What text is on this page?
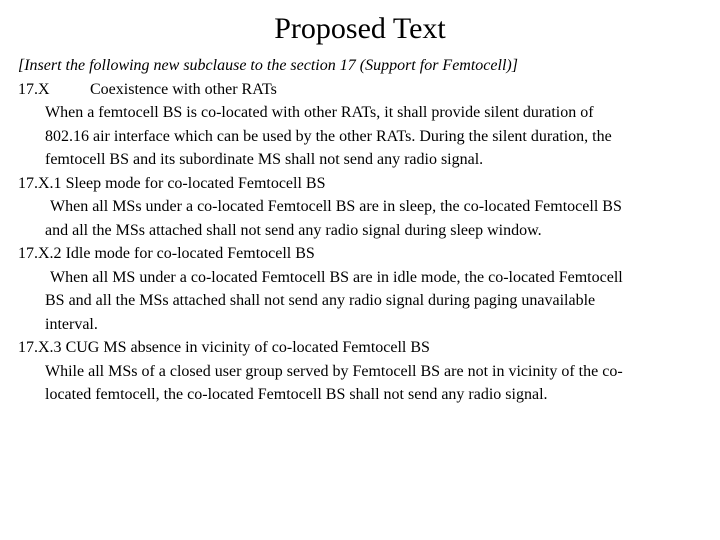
Proposed Text
[Insert the following new subclause to the section 17 (Support for Femtocell)]
17.X	Coexistence with other RATs
When a femtocell BS is co-located with other RATs, it shall provide silent duration of
802.16 air interface which can be used by the other RATs. During the silent duration, the
femtocell BS and its subordinate MS shall not send any radio signal.
17.X.1 Sleep mode for co-located Femtocell BS
When all MSs under a co-located Femtocell BS are in sleep, the co-located Femtocell BS
and all the MSs attached shall not send any radio signal during sleep window.
17.X.2 Idle mode for co-located Femtocell BS
When all MS under a co-located Femtocell BS are in idle mode, the co-located Femtocell
BS and all the MSs attached shall not send any radio signal during paging unavailable
interval.
17.X.3 CUG MS absence in vicinity of co-located Femtocell BS
While all MSs of a closed user group served by Femtocell BS are not in vicinity of the co-
located femtocell, the co-located Femtocell BS shall not send any radio signal.
